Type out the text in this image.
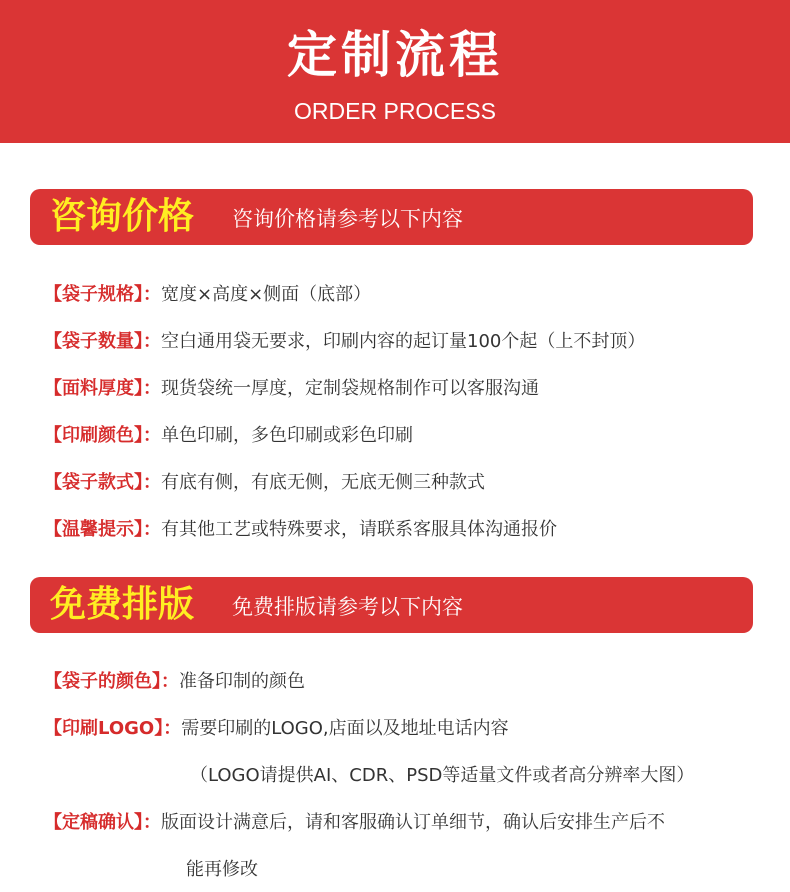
定制流程
ORDER PROCESS
咨询价格 咨询价格请参考以下内容
【袋子规格】：宽度×高度×侧面（底部）
【袋子数量】：空白通用袋无要求，印刷内容的起订量100个起（上不封顶）
【面料厚度】：现货袋统一厚度，定制袋规格制作可以客服沟通
【印刷颜色】：单色印刷，多色印刷或彩色印刷
【袋子款式】：有底有侧，有底无侧，无底无侧三种款式
【温馨提示】：有其他工艺或特殊要求，请联系客服具体沟通报价
免费排版 免费排版请参考以下内容
【袋子的颜色】：准备印制的颜色
【印刷LOGO】：需要印刷的LOGO,店面以及地址电话内容
（LOGO请提供AI、CDR、PSD等适量文件或者高分辨率大图）
【定稿确认】：版面设计满意后，请和客服确认订单细节，确认后安排生产后不
能再修改
